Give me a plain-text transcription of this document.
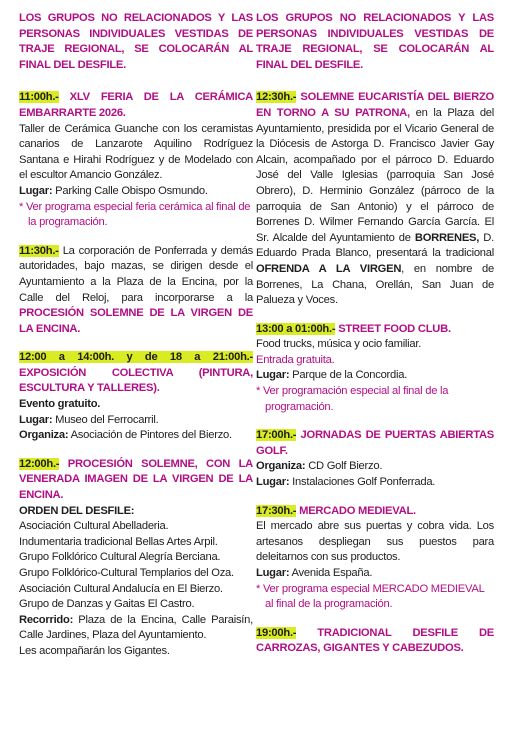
LOS GRUPOS NO RELACIONADOS Y LAS PERSONAS INDIVIDUALES VESTIDAS DE TRAJE REGIONAL, SE COLOCARÁN AL FINAL DEL DESFILE.

11:00h.- XLV FERIA DE LA CERÁMICA EMBARRARTE 2026.

Taller de Cerámica Guanche con los ceramistas canarios de Lanzarote Aquilino Rodríguez Santana e Hirahi Rodríguez y de Modelado con el escultor Amancio González.

Lugar: Parking Calle Obispo Osmundo.

* Ver programa especial feria cerámica al final de la programación.

11:30h.- La corporación de Ponferrada y demás autoridades, bajo mazas, se dirigen desde el Ayuntamiento a la Plaza de la Encina, por la Calle del Reloj, para incorporarse a la PROCESIÓN SOLEMNE DE LA VIRGEN DE LA ENCINA.

12:00 a 14:00h. y de 18 a 21:00h.- EXPOSICIÓN COLECTIVA (PINTURA, ESCULTURA Y TALLERES).

Evento gratuito.

Lugar: Museo del Ferrocarril.

Organiza: Asociación de Pintores del Bierzo.

12:00h.- PROCESIÓN SOLEMNE, CON LA VENERADA IMAGEN DE LA VIRGEN DE LA ENCINA.

ORDEN DEL DESFILE:

Asociación Cultural Abelladeria.

Indumentaria tradicional Bellas Artes Arpil.

Grupo Folklórico Cultural Alegría Berciana.

Grupo Folklórico-Cultural Templarios del Oza.

Asociación Cultural Andalucía en El Bierzo.

Grupo de Danzas y Gaitas El Castro.

Recorrido: Plaza de la Encina, Calle Paraisín, Calle Jardines, Plaza del Ayuntamiento.

Les acompañarán los Gigantes.

LOS GRUPOS NO RELACIONADOS Y LAS PERSONAS INDIVIDUALES VESTIDAS DE TRAJE REGIONAL, SE COLOCARÁN AL FINAL DEL DESFILE.

12:30h.- SOLEMNE EUCARISTÍA DEL BIERZO EN TORNO A SU PATRONA, en la Plaza del Ayuntamiento, presidida por el Vicario General de la Diócesis de Astorga D. Francisco Javier Gay Alcain, acompañado por el párroco D. Eduardo José del Valle Iglesias (parroquia San José Obrero), D. Herminio González (párroco de la parroquia de San Antonio) y el párroco de Borrenes D. Wilmer Fernando García García. El Sr. Alcalde del Ayuntamiento de BORRENES, D. Eduardo Prada Blanco, presentará la tradicional OFRENDA A LA VIRGEN, en nombre de Borrenes, La Chana, Orellán, San Juan de Palueza y Voces.

13:00 a 01:00h.- STREET FOOD CLUB.

Food trucks, música y ocio familiar.

Entrada gratuita.

Lugar: Parque de la Concordia.

* Ver programación especial al final de la programación.

17:00h.- JORNADAS DE PUERTAS ABIERTAS GOLF.

Organiza: CD Golf Bierzo.

Lugar: Instalaciones Golf Ponferrada.

17:30h.- MERCADO MEDIEVAL.

El mercado abre sus puertas y cobra vida. Los artesanos despliegan sus puestos para deleitarnos con sus productos.

Lugar: Avenida España.

* Ver programa especial MERCADO MEDIEVAL al final de la programación.

19:00h.- TRADICIONAL DESFILE DE CARROZAS, GIGANTES Y CABEZUDOS.
